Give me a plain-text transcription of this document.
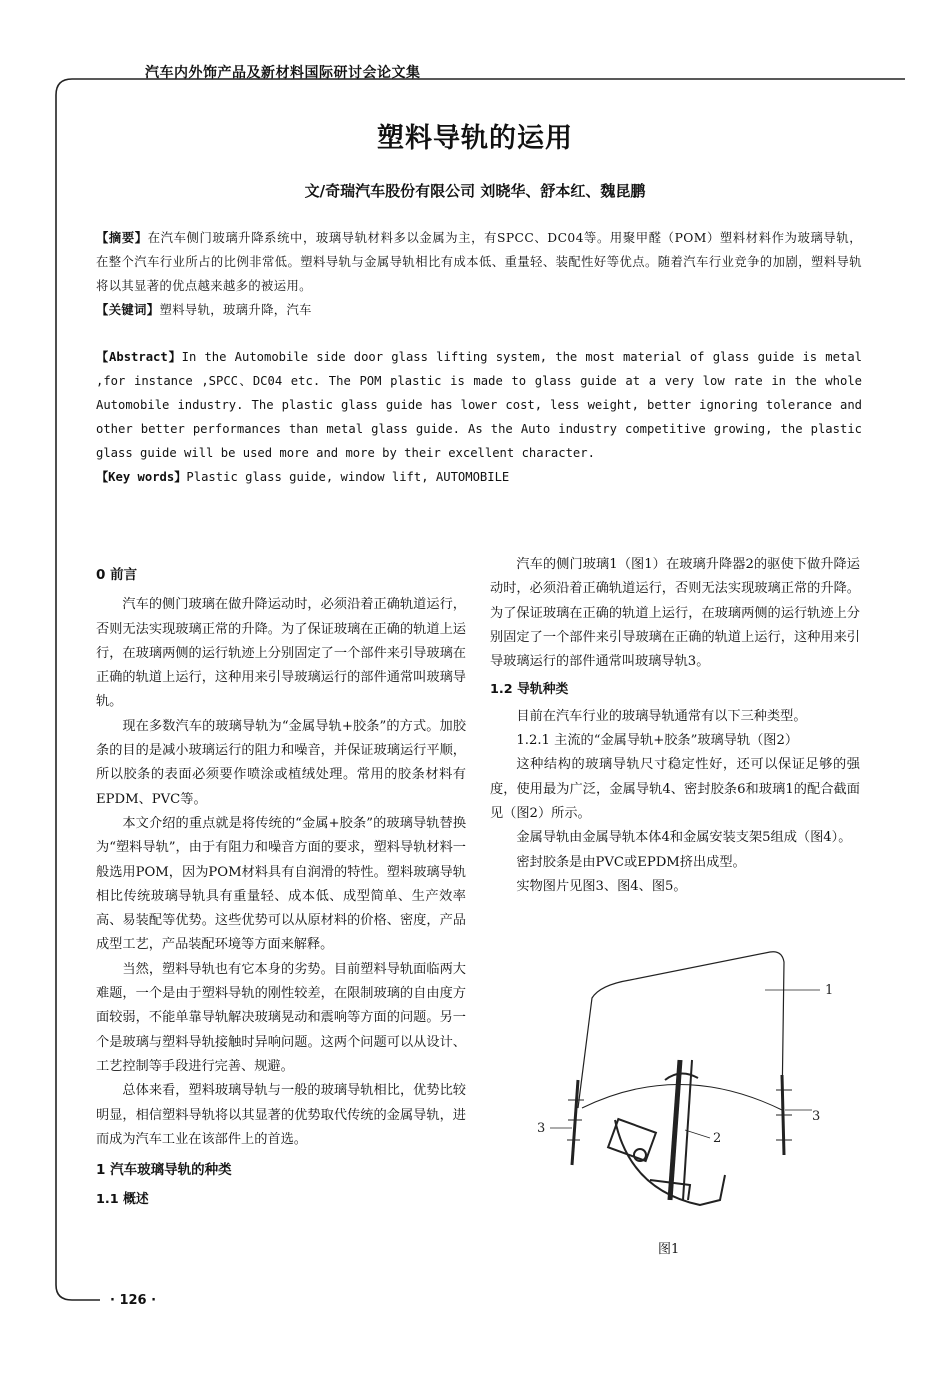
汽车内外饰产品及新材料国际研讨会论文集
塑料导轨的运用
文/奇瑞汽车股份有限公司 刘晓华、舒本红、魏昆鹏
【摘要】在汽车侧门玻璃升降系统中，玻璃导轨材料多以金属为主，有SPCC、DC04等。用聚甲醛（POM）塑料材料作为玻璃导轨，在整个汽车行业所占的比例非常低。塑料导轨与金属导轨相比有成本低、重量轻、装配性好等优点。随着汽车行业竞争的加剧，塑料导轨将以其显著的优点越来越多的被运用。
【关键词】塑料导轨，玻璃升降，汽车
【Abstract】In the Automobile side door glass lifting system, the most material of glass guide is metal ,for instance ,SPCC、DC04 etc. The POM plastic is made to glass guide at a very low rate in the whole Automobile industry. The plastic glass guide has lower cost, less weight, better ignoring tolerance and other better performances than metal glass guide. As the Auto industry competitive growing, the plastic glass guide will be used more and more by their excellent character.
【Key words】Plastic glass guide, window lift, AUTOMOBILE

0 前言

汽车的侧门玻璃在做升降运动时，必须沿着正确轨道运行，否则无法实现玻璃正常的升降。为了保证玻璃在正确的轨道上运行，在玻璃两侧的运行轨迹上分别固定了一个部件来引导玻璃在正确的轨道上运行，这种用来引导玻璃运行的部件通常叫玻璃导轨。

现在多数汽车的玻璃导轨为“金属导轨+胶条”的方式。加胶条的目的是减小玻璃运行的阻力和噪音，并保证玻璃运行平顺，所以胶条的表面必须要作喷涂或植绒处理。常用的胶条材料有EPDM、PVC等。

本文介绍的重点就是将传统的“金属+胶条”的玻璃导轨替换为“塑料导轨”，由于有阻力和噪音方面的要求，塑料导轨材料一般选用POM，因为POM材料具有自润滑的特性。塑料玻璃导轨相比传统玻璃导轨具有重量轻、成本低、成型简单、生产效率高、易装配等优势。这些优势可以从原材料的价格、密度，产品成型工艺，产品装配环境等方面来解释。

当然，塑料导轨也有它本身的劣势。目前塑料导轨面临两大难题，一个是由于塑料导轨的刚性较差，在限制玻璃的自由度方面较弱，不能单靠导轨解决玻璃晃动和震响等方面的问题。另一个是玻璃与塑料导轨接触时异响问题。这两个问题可以从设计、工艺控制等手段进行完善、规避。

总体来看，塑料玻璃导轨与一般的玻璃导轨相比，优势比较明显，相信塑料导轨将以其显著的优势取代传统的金属导轨，进而成为汽车工业在该部件上的首选。

1 汽车玻璃导轨的种类

1.1 概述

汽车的侧门玻璃1（图1）在玻璃升降器2的驱使下做升降运动时，必须沿着正确轨道运行，否则无法实现玻璃正常的升降。为了保证玻璃在正确的轨道上运行，在玻璃两侧的运行轨迹上分别固定了一个部件来引导玻璃在正确的轨道上运行，这种用来引导玻璃运行的部件通常叫玻璃导轨3。

1.2 导轨种类

目前在汽车行业的玻璃导轨通常有以下三种类型。

1.2.1 主流的“金属导轨+胶条”玻璃导轨（图2）

这种结构的玻璃导轨尺寸稳定性好，还可以保证足够的强度，使用最为广泛，金属导轨4、密封胶条6和玻璃1的配合截面见（图2）所示。

金属导轨由金属导轨本体4和金属安装支架5组成（图4）。

密封胶条是由PVC或EPDM挤出成型。

实物图片见图3、图4、图5。

1
2
3
3
图1
· 126 ·
